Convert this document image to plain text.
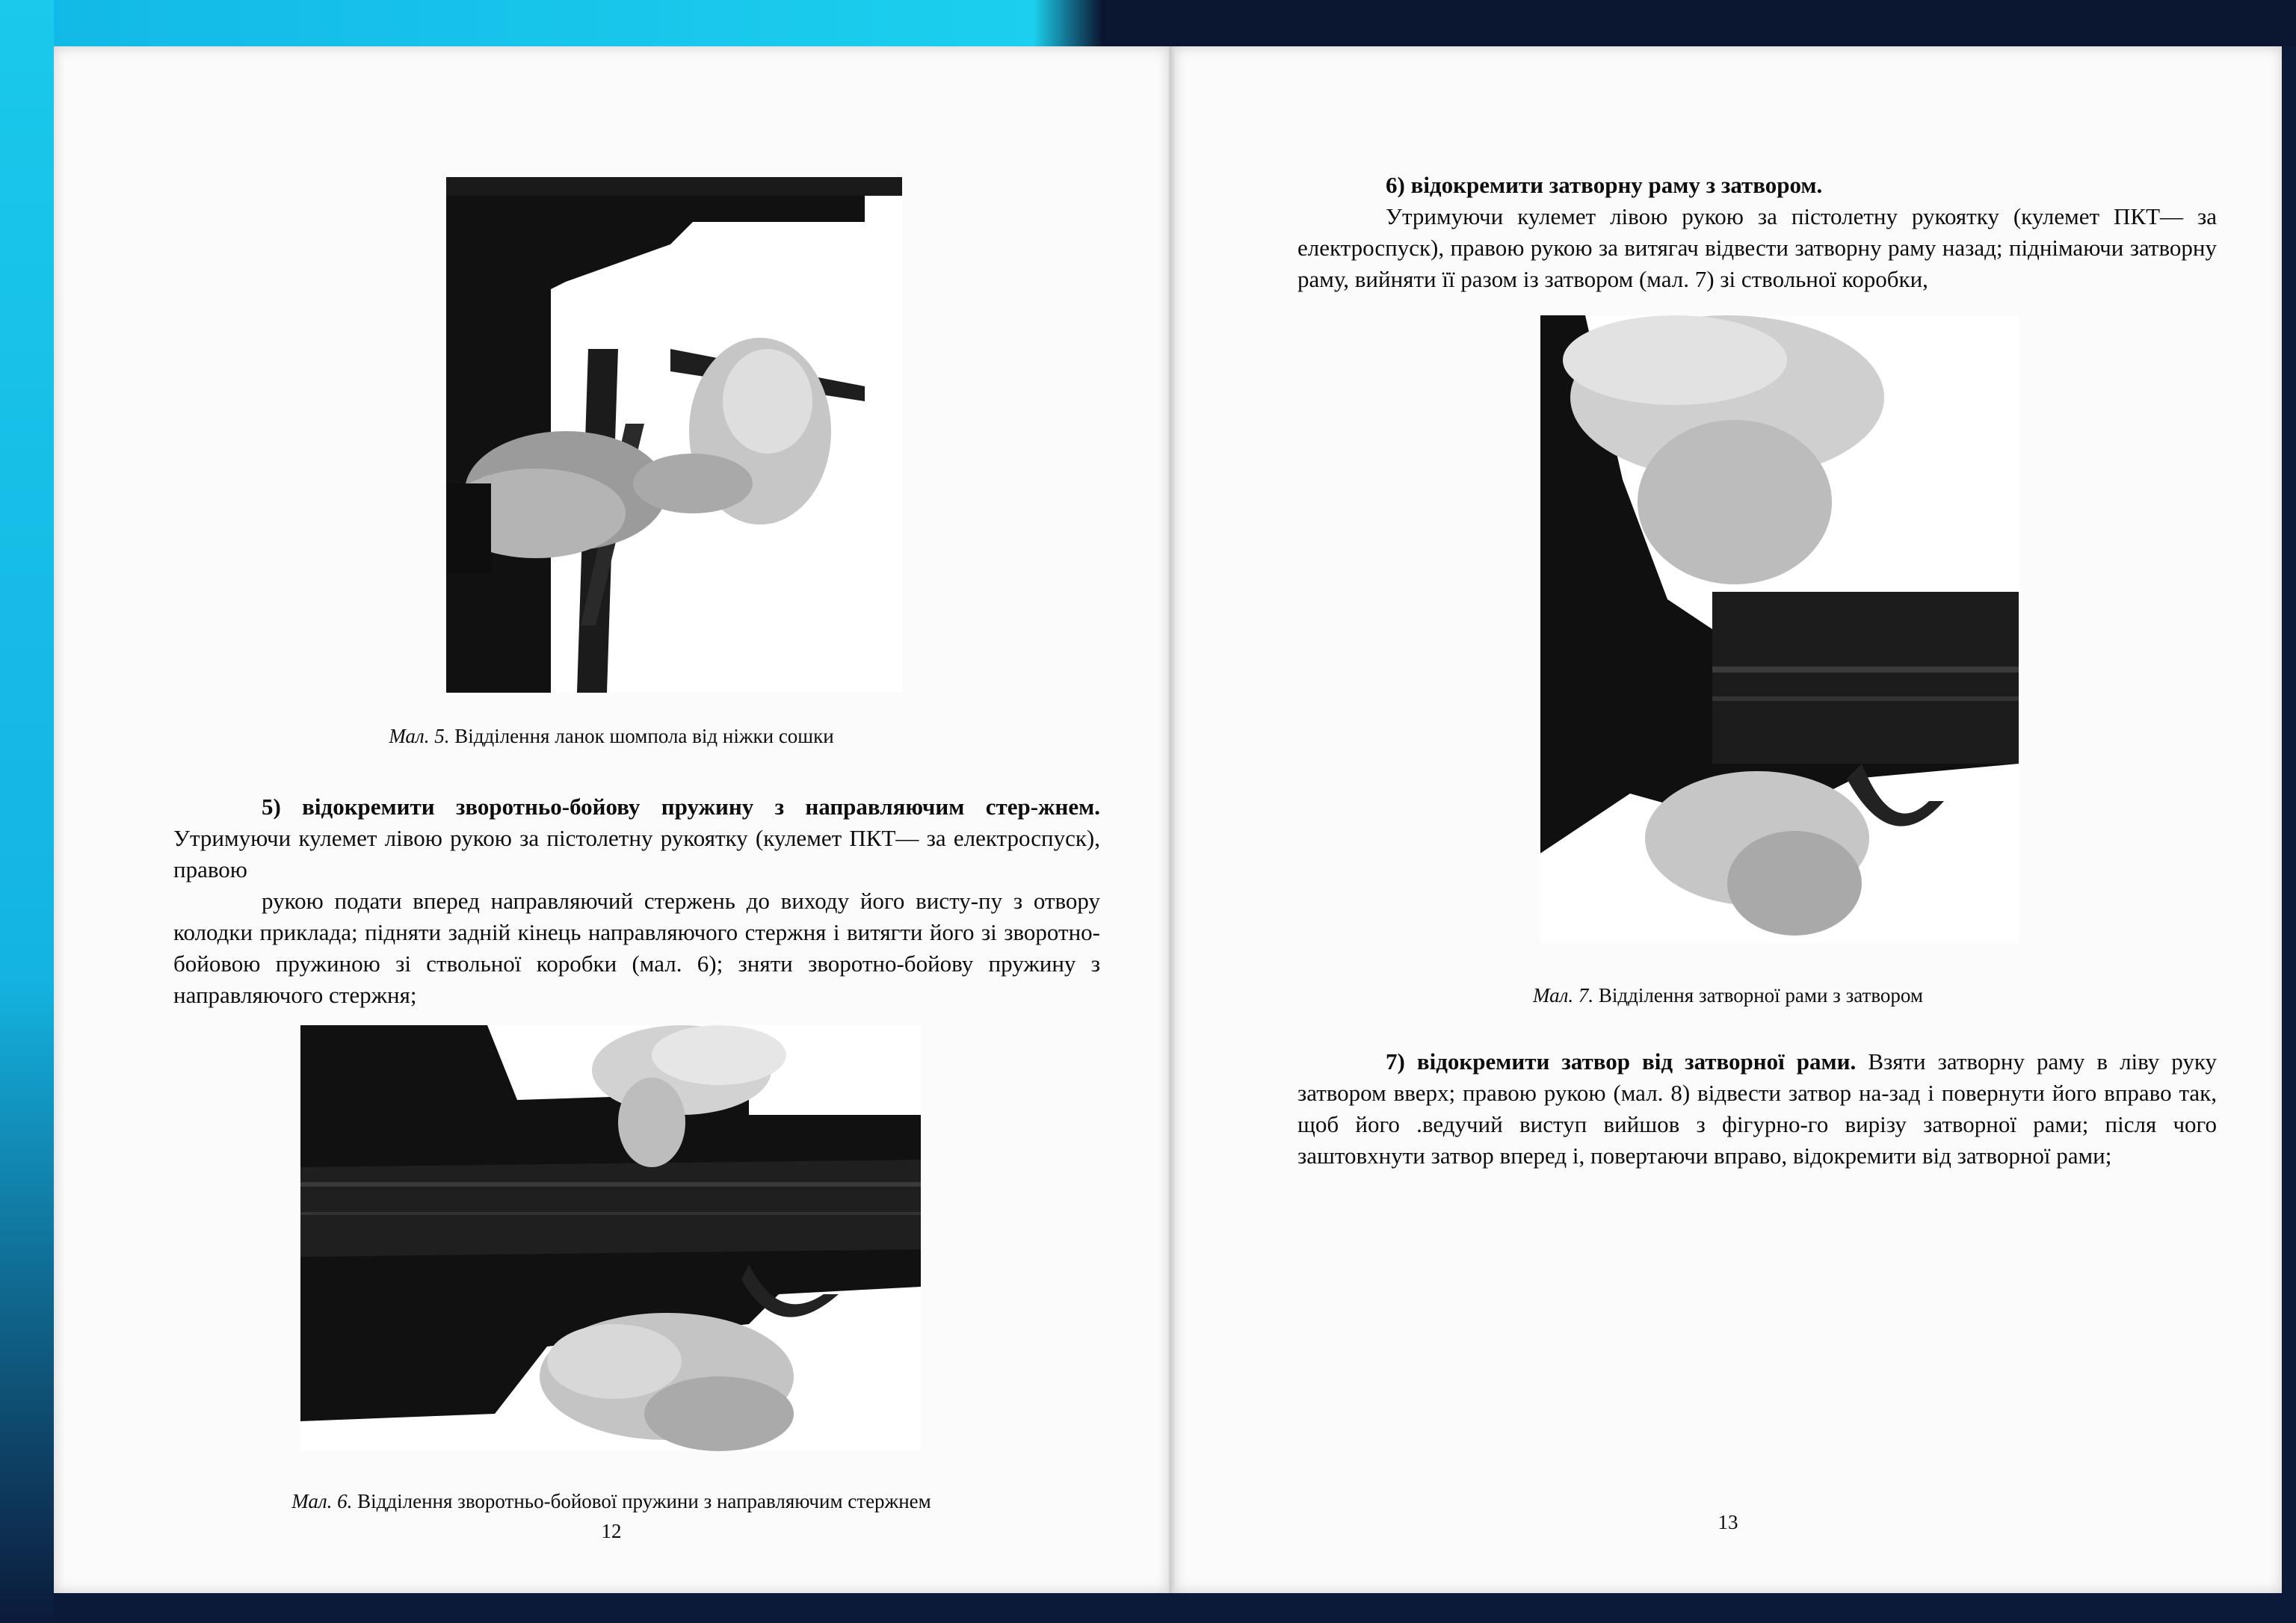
Мал. 5. Відділення ланок шомпола від ніжки сошки
5) відокремити зворотньо-бойову пружину з направляючим стер-жнем. Утримуючи кулемет лівою рукою за пістолетну рукоятку (кулемет ПКТ— за електроспуск), правою
рукою подати вперед направляючий стержень до виходу його висту-пу з отвору колодки приклада; підняти задній кінець направляючого стержня і витягти його зі зворотно-бойовою пружиною зі ствольної коробки (мал. 6); зняти зворотно-бойову пружину з направляючого стержня;
Мал. 6. Відділення зворотньо-бойової пружини з направляючим стержнем
12
6) відокремити затворну раму з затвором.
Утримуючи кулемет лівою рукою за пістолетну рукоятку (кулемет ПКТ— за електроспуск), правою рукою за витягач відвести затворну раму назад; піднімаючи затворну раму, вийняти її разом із затвором (мал. 7) зі ствольної коробки,
Мал. 7. Відділення затворної рами з затвором
7) відокремити затвор від затворної рами. Взяти затворну раму в ліву руку затвором вверх; правою рукою (мал. 8) відвести затвор на-зад і повернути його вправо так, щоб його .ведучий виступ вийшов з фігурно-го вирізу затворної рами; після чого заштовхнути затвор вперед і, повертаючи вправо, відокремити від затворної рами;
13
